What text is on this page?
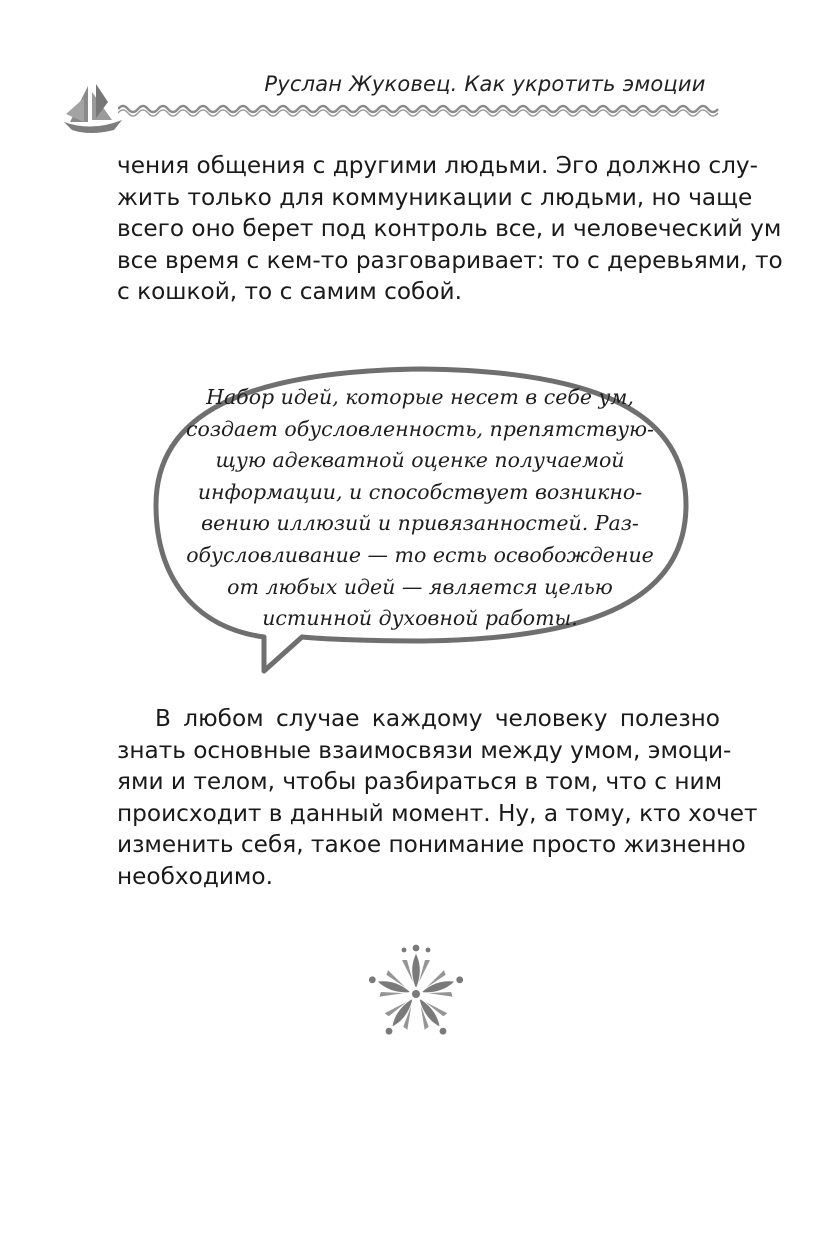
Руслан Жуковец. Как укротить эмоции
чения общения с другими людьми. Эго должно слу-
жить только для коммуникации с людьми, но чаще
всего оно берет под контроль все, и человеческий ум
все время с кем-то разговаривает: то с деревьями, то
с кошкой, то с самим собой.
Набор идей, которые несет в себе ум,
создает обусловленность, препятствую-
щую адекватной оценке получаемой
информации, и способствует возникно-
вению иллюзий и привязанностей. Раз-
обусловливание — то есть освобождение
от любых идей — является целью
истинной духовной работы.
В любом случае каждому человеку полезно
знать основные взаимосвязи между умом, эмоци-
ями и телом, чтобы разбираться в том, что с ним
происходит в данный момент. Ну, а тому, кто хочет
изменить себя, такое понимание просто жизненно
необходимо.
